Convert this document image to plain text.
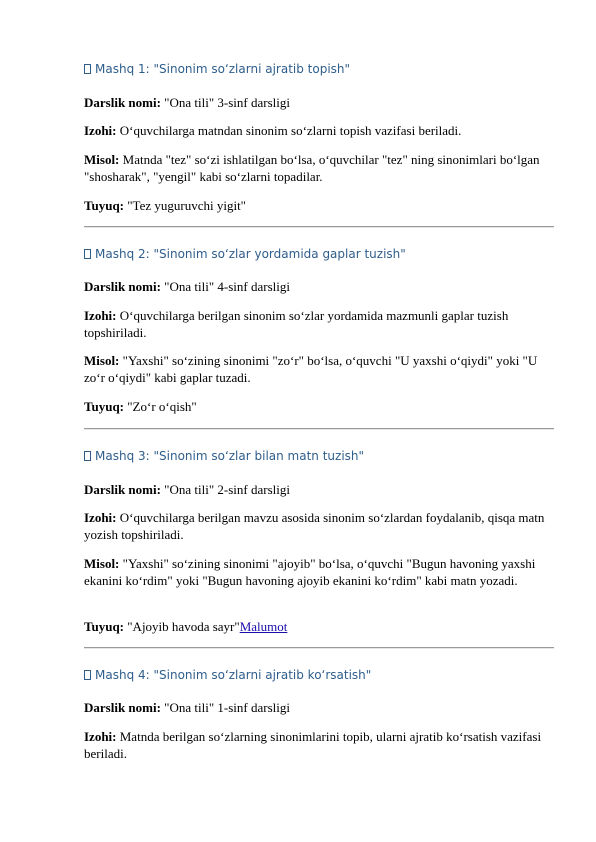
Mashq 1: "Sinonim so‘zlarni ajratib topish"

Darslik nomi: "Ona tili" 3-sinf darsligi

Izohi: O‘quvchilarga matndan sinonim so‘zlarni topish vazifasi beriladi.

Misol: Matnda "tez" so‘zi ishlatilgan bo‘lsa, o‘quvchilar "tez" ning sinonimlari bo‘lgan "shosharak", "yengil" kabi so‘zlarni topadilar.

Tuyuq: "Tez yuguruvchi yigit"

Mashq 2: "Sinonim so‘zlar yordamida gaplar tuzish"

Darslik nomi: "Ona tili" 4-sinf darsligi

Izohi: O‘quvchilarga berilgan sinonim so‘zlar yordamida mazmunli gaplar tuzish topshiriladi.

Misol: "Yaxshi" so‘zining sinonimi "zo‘r" bo‘lsa, o‘quvchi "U yaxshi o‘qiydi" yoki "U zo‘r o‘qiydi" kabi gaplar tuzadi.

Tuyuq: "Zo‘r o‘qish"

Mashq 3: "Sinonim so‘zlar bilan matn tuzish"

Darslik nomi: "Ona tili" 2-sinf darsligi

Izohi: O‘quvchilarga berilgan mavzu asosida sinonim so‘zlardan foydalanib, qisqa matn yozish topshiriladi.

Misol: "Yaxshi" so‘zining sinonimi "ajoyib" bo‘lsa, o‘quvchi "Bugun havoning yaxshi ekanini ko‘rdim" yoki "Bugun havoning ajoyib ekanini ko‘rdim" kabi matn yozadi.

Tuyuq: "Ajoyib havoda sayr"Malumot

Mashq 4: "Sinonim so‘zlarni ajratib ko‘rsatish"

Darslik nomi: "Ona tili" 1-sinf darsligi

Izohi: Matnda berilgan so‘zlarning sinonimlarini topib, ularni ajratib ko‘rsatish vazifasi beriladi.
